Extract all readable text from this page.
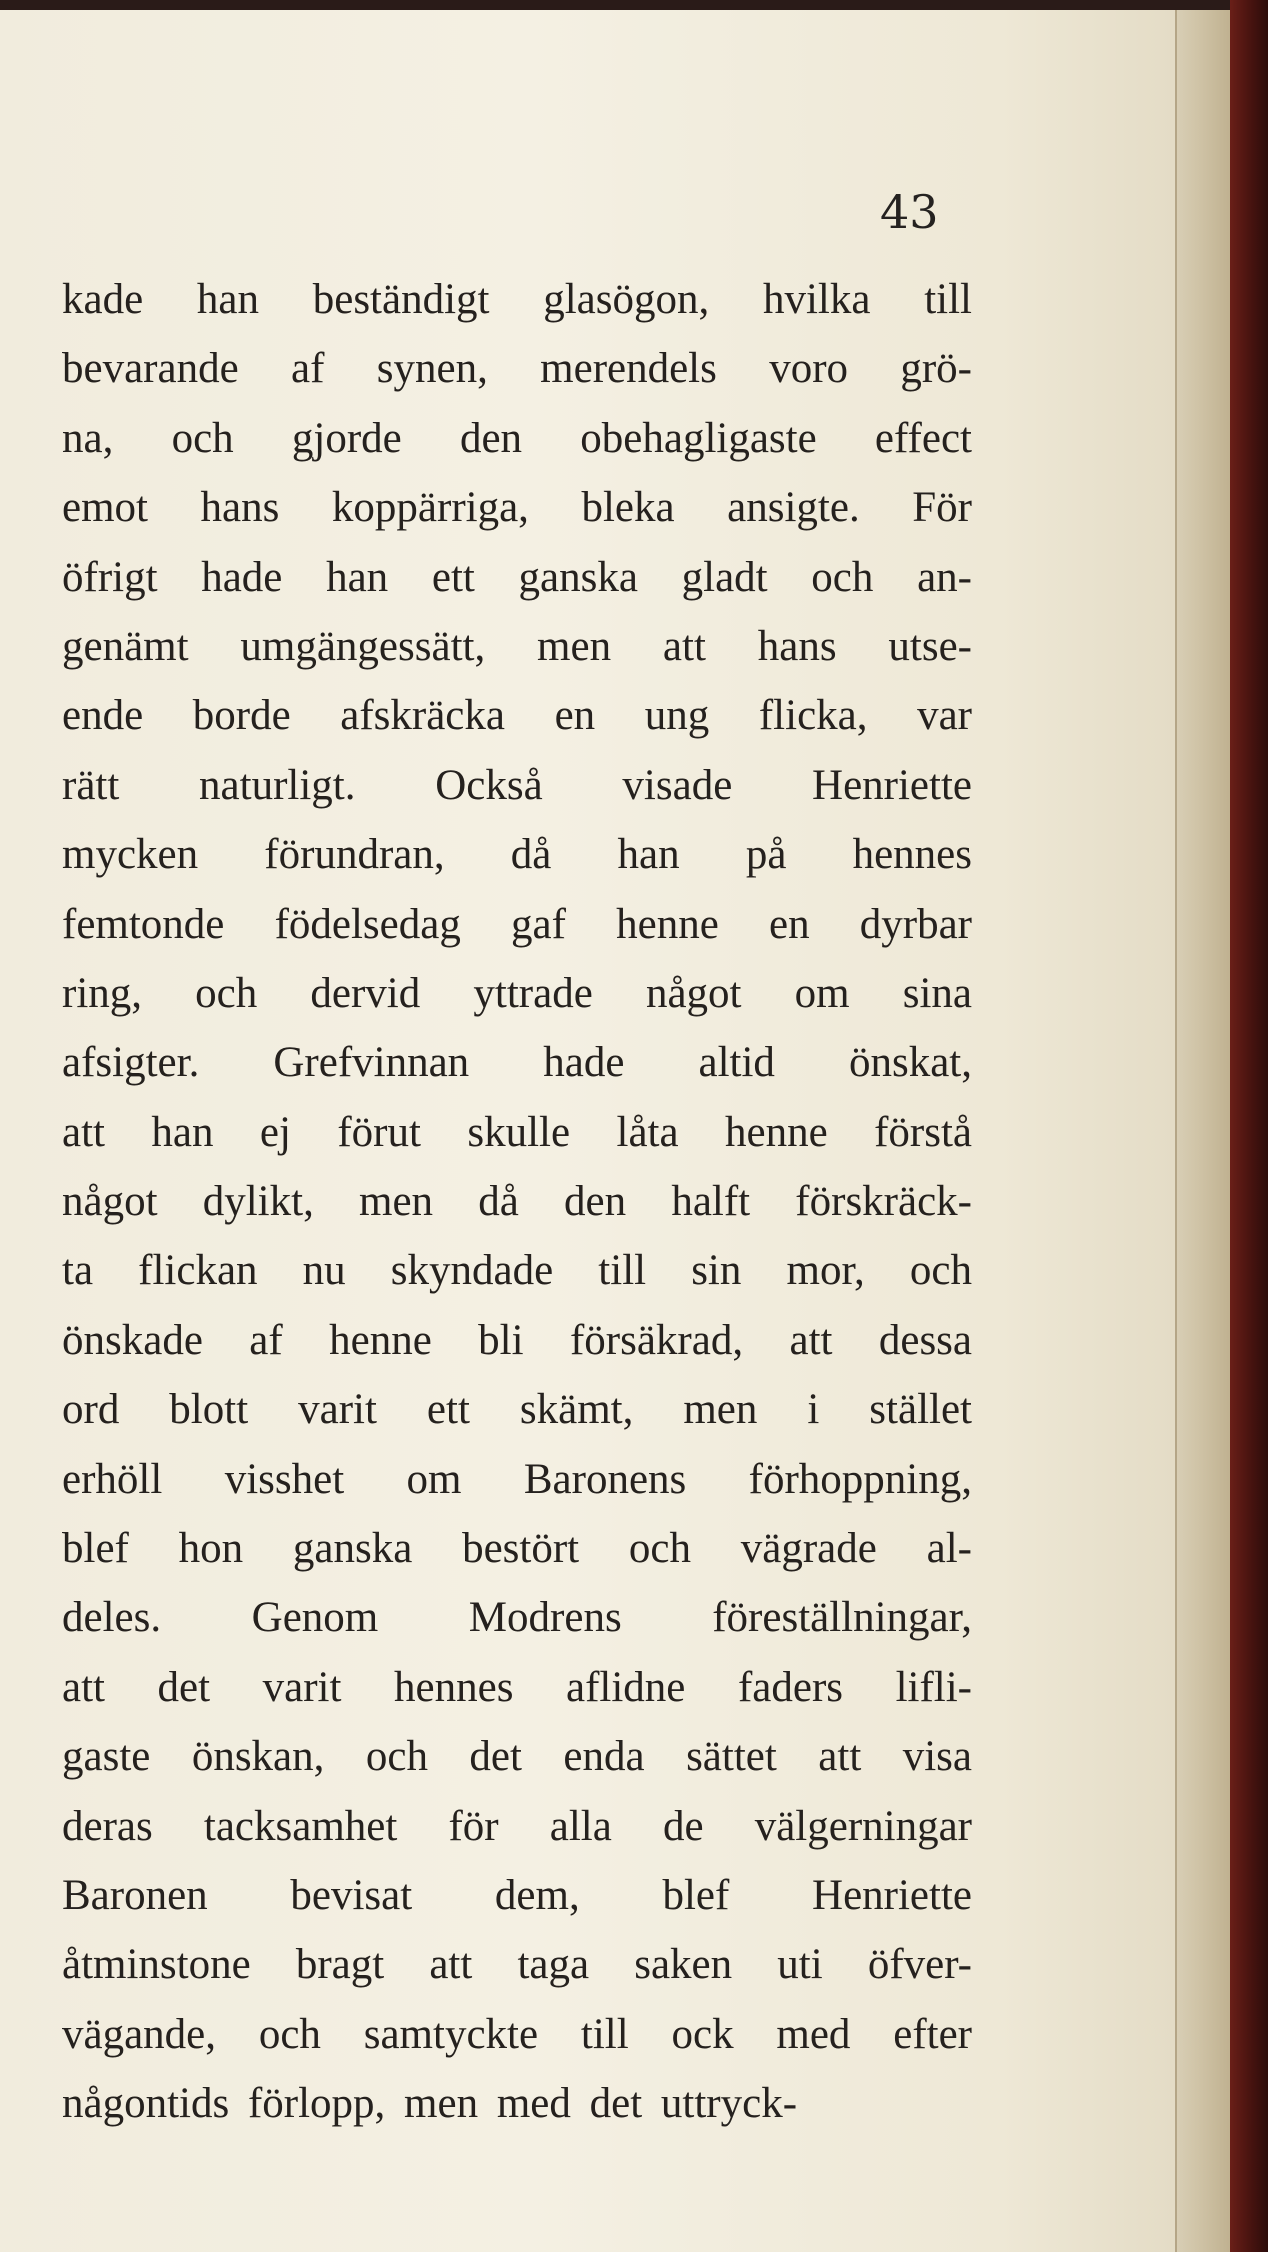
43
kade han beständigt glasögon, hvilka till
bevarande af synen, merendels voro grö-
na, och gjorde den obehagligaste effect
emot hans koppärriga, bleka ansigte. För
öfrigt hade han ett ganska gladt och an-
genämt umgängessätt, men att hans utse-
ende borde afskräcka en ung flicka, var
rätt naturligt. Också visade Henriette
mycken förundran, då han på hennes
femtonde födelsedag gaf henne en dyrbar
ring, och dervid yttrade något om sina
afsigter. Grefvinnan hade altid önskat,
att han ej förut skulle låta henne förstå
något dylikt, men då den halft förskräck-
ta flickan nu skyndade till sin mor, och
önskade af henne bli försäkrad, att dessa
ord blott varit ett skämt, men i stället
erhöll visshet om Baronens förhoppning,
blef hon ganska bestört och vägrade al-
deles. Genom Modrens föreställningar,
att det varit hennes aflidne faders lifli-
gaste önskan, och det enda sättet att visa
deras tacksamhet för alla de välgerningar
Baronen bevisat dem, blef Henriette
åtminstone bragt att taga saken uti öfver-
vägande, och samtyckte till ock med efter
någontids förlopp, men med det uttryck-
